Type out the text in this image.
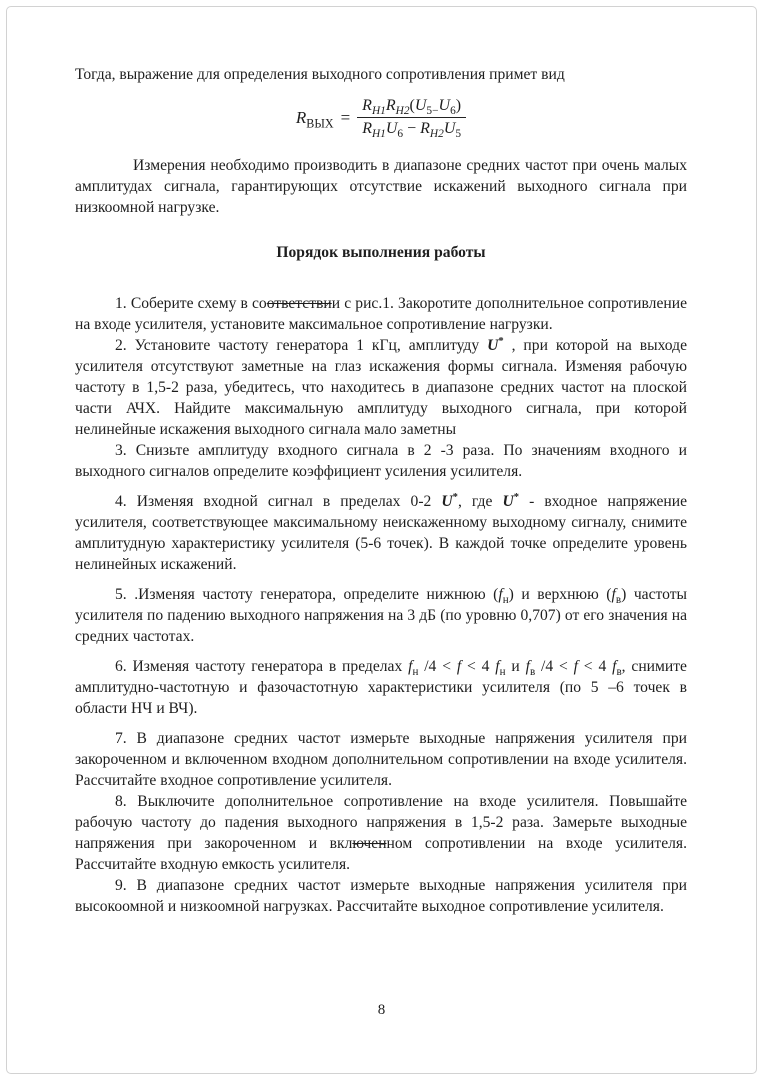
Тогда, выражение для определения выходного сопротивления примет вид

$R_{ВЫХ} = \frac{R_{Н1}R_{Н2}(U_{5-}U_6)}{R_{Н1}U_6 - R_{Н2}U_5}$

Измерения необходимо производить в диапазоне средних частот при очень малых амплитудах сигнала, гарантирующих отсутствие искажений выходного сигнала при низкоомной нагрузке.

Порядок выполнения работы

1. Соберите схему в соответствии с рис.1. Закоротите дополнительное сопротивление на входе усилителя, установите максимальное сопротивление нагрузки.

2. Установите частоту генератора 1 кГц, амплитуду U* , при которой на выходе усилителя отсутствуют заметные на глаз искажения формы сигнала. Изменяя рабочую частоту в 1,5-2 раза, убедитесь, что находитесь в диапазоне средних частот на плоской части АЧХ. Найдите максимальную амплитуду выходного сигнала, при которой нелинейные искажения выходного сигнала мало заметны

3. Снизьте амплитуду входного сигнала в 2 -3 раза. По значениям входного и выходного сигналов определите коэффициент усиления усилителя.

4. Изменяя входной сигнал в пределах 0-2 U*, где U* - входное напряжение усилителя, соответствующее максимальному неискаженному выходному сигналу, снимите амплитудную характеристику усилителя (5-6 точек). В каждой точке определите уровень нелинейных искажений.

5. .Изменяя частоту генератора, определите нижнюю $(f_н)$ и верхнюю $(f_в)$ частоты усилителя по падению выходного напряжения на 3 дБ (по уровню 0,707) от его значения на средних частотах.

6. Изменяя частоту генератора в пределах $f_н$ /4 < f < 4 $f_н$ и $f_в$ /4 < f < 4 $f_в$, снимите амплитудно-частотную и фазочастотную характеристики усилителя (по 5 –6 точек в области НЧ и ВЧ).

7. В диапазоне средних частот измерьте выходные напряжения усилителя при закороченном и включенном входном дополнительном сопротивлении на входе усилителя. Рассчитайте входное сопротивление усилителя.

8. Выключите дополнительное сопротивление на входе усилителя. Повышайте рабочую частоту до падения выходного напряжения в 1,5-2 раза. Замерьте выходные напряжения при закороченном и включенном сопротивлении на входе усилителя. Рассчитайте входную емкость усилителя.

9. В диапазоне средних частот измерьте выходные напряжения усилителя при высокоомной и низкоомной нагрузках. Рассчитайте выходное сопротивление усилителя.

8
